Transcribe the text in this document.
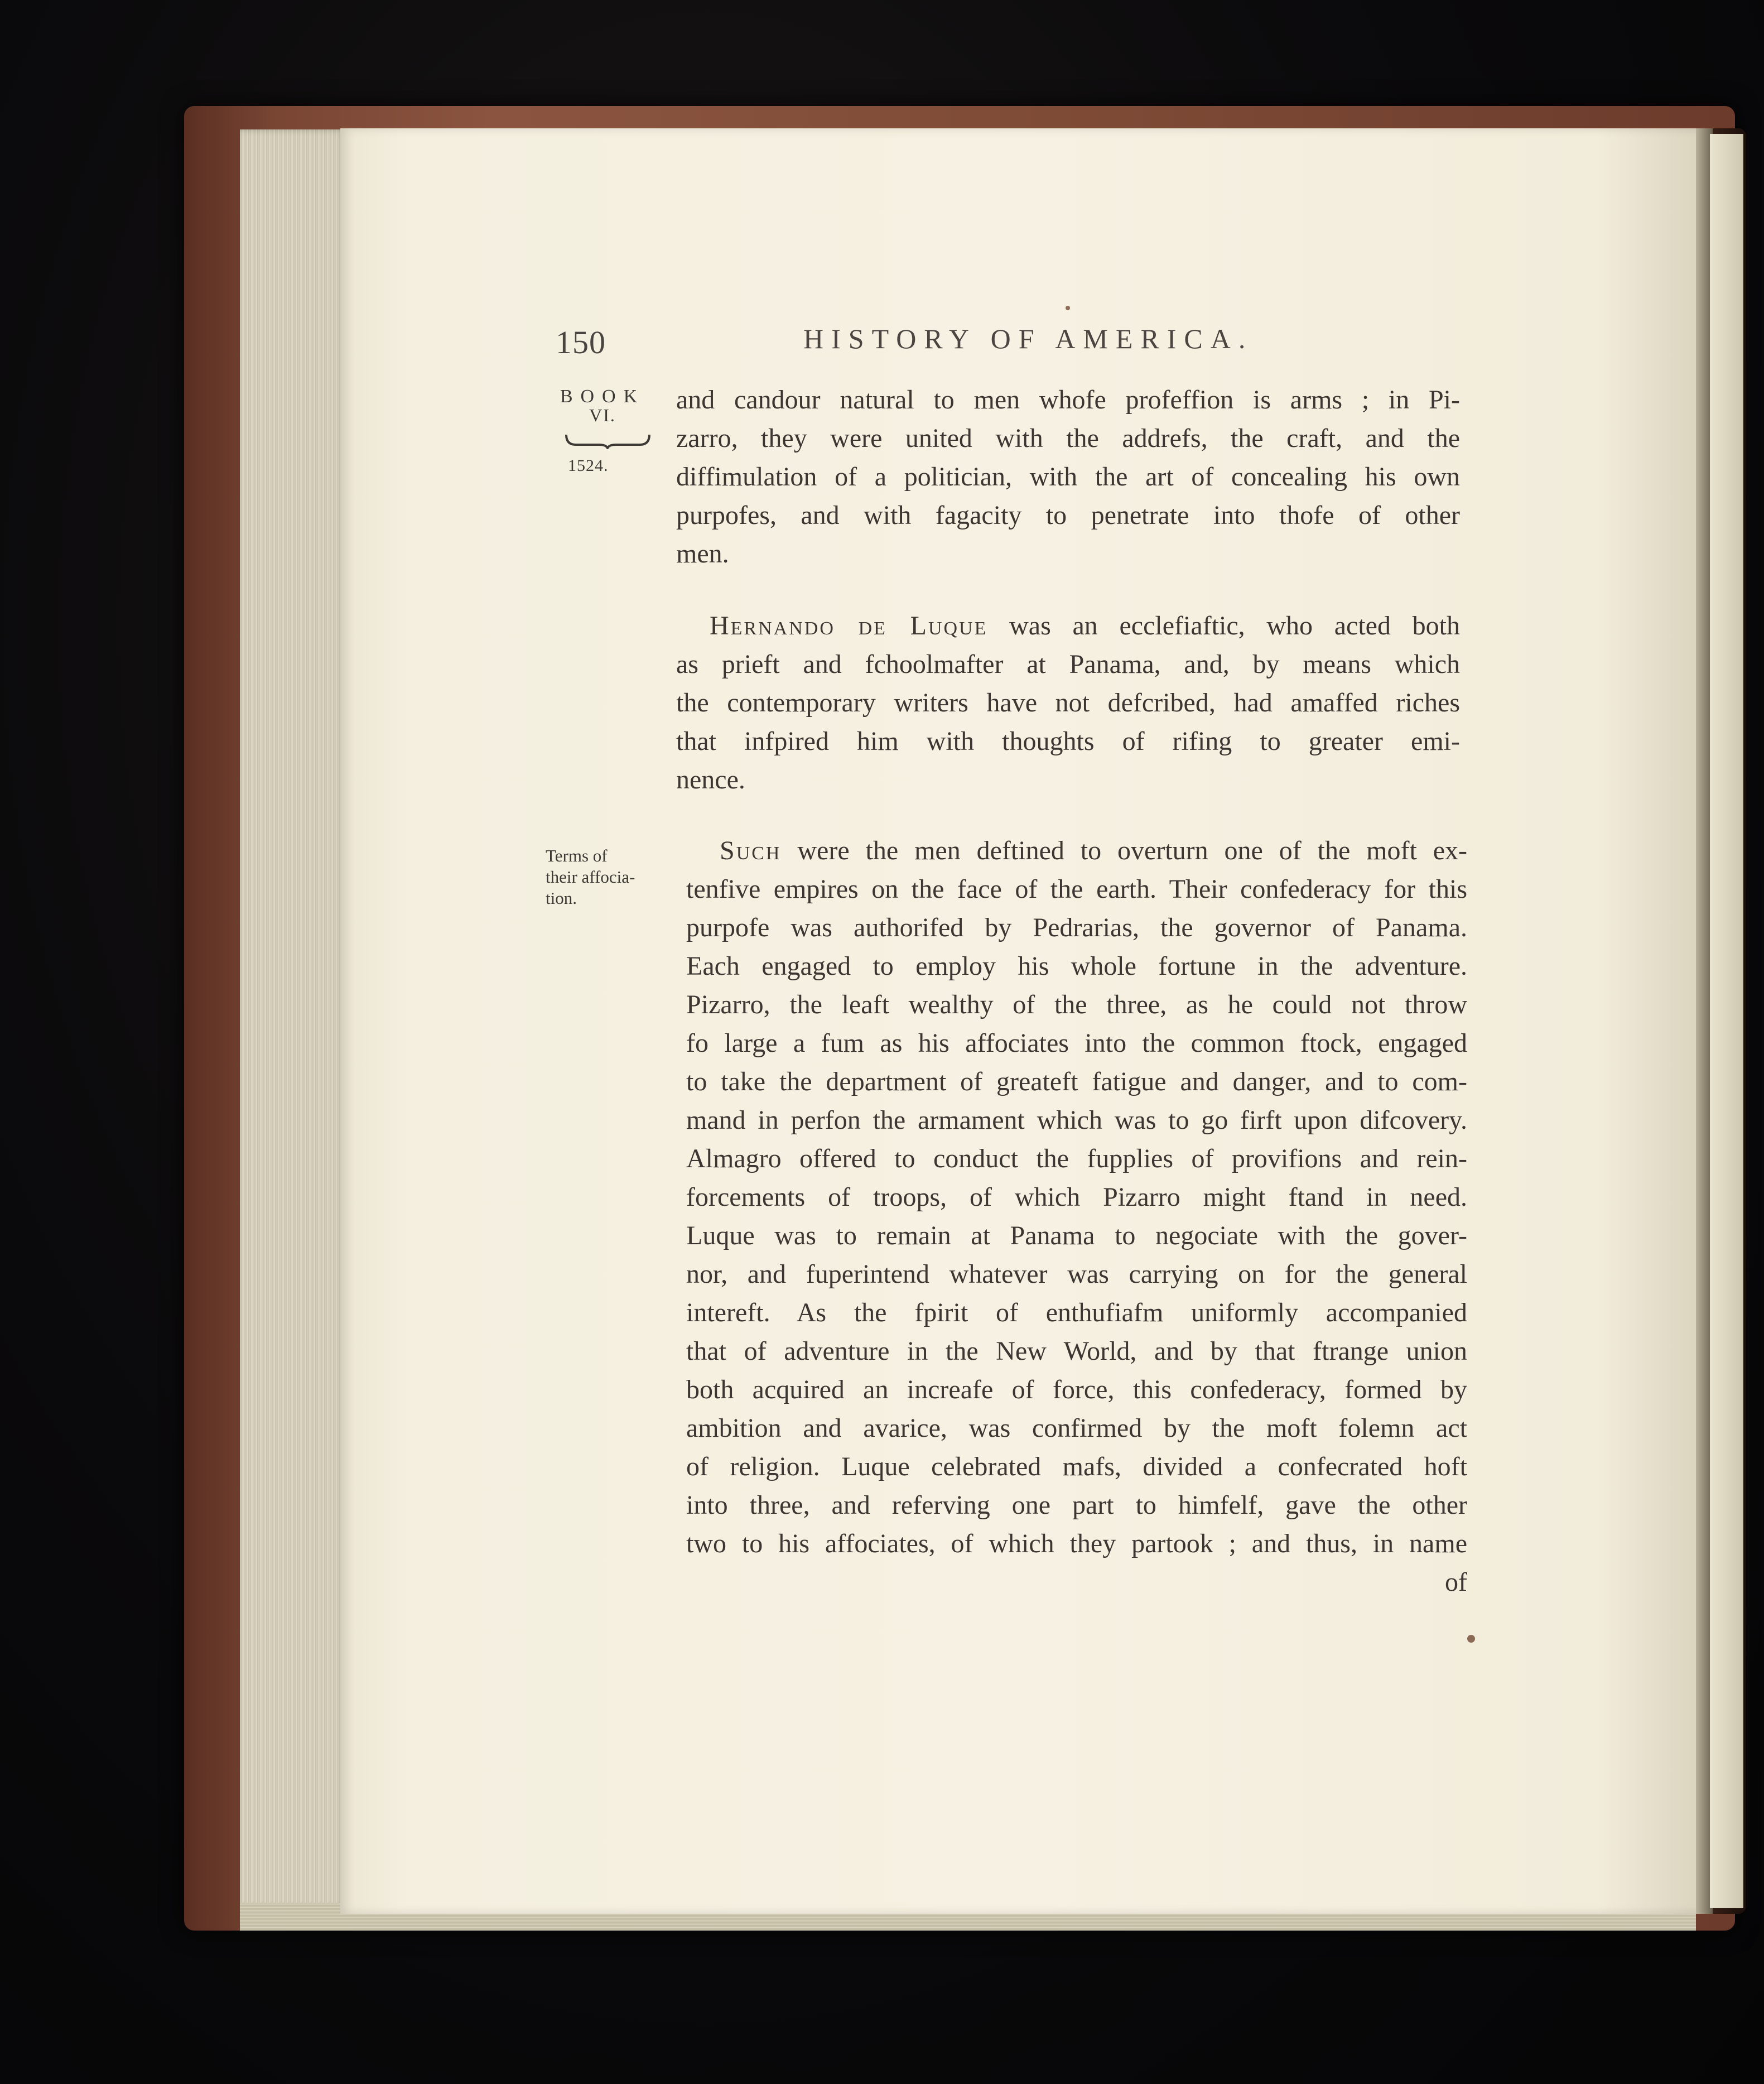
150	HISTORY OF AMERICA.
BOOK
VI.
1524.
Terms of
their affocia-
tion.
and candour natural to men whofe profeffion is arms ; in Pi-
zarro, they were united with the addrefs, the craft, and the
diffimulation of a politician, with the art of concealing his own
purpofes, and with fagacity to penetrate into thofe of other
men.
Hernando de Luque was an ecclefiaftic, who acted both
as prieft and fchoolmafter at Panama, and, by means which
the contemporary writers have not defcribed, had amaffed riches
that infpired him with thoughts of rifing to greater emi-
nence.
Such were the men deftined to overturn one of the moft ex-
tenfive empires on the face of the earth. Their confederacy for this
purpofe was authorifed by Pedrarias, the governor of Panama.
Each engaged to employ his whole fortune in the adventure.
Pizarro, the leaft wealthy of the three, as he could not throw
fo large a fum as his affociates into the common ftock, engaged
to take the department of greateft fatigue and danger, and to com-
mand in perfon the armament which was to go firft upon difcovery.
Almagro offered to conduct the fupplies of provifions and rein-
forcements of troops, of which Pizarro might ftand in need.
Luque was to remain at Panama to negociate with the gover-
nor, and fuperintend whatever was carrying on for the general
intereft. As the fpirit of enthufiafm uniformly accompanied
that of adventure in the New World, and by that ftrange union
both acquired an increafe of force, this confederacy, formed by
ambition and avarice, was confirmed by the moft folemn act
of religion. Luque celebrated mafs, divided a confecrated hoft
into three, and referving one part to himfelf, gave the other
two to his affociates, of which they partook ; and thus, in name
of
